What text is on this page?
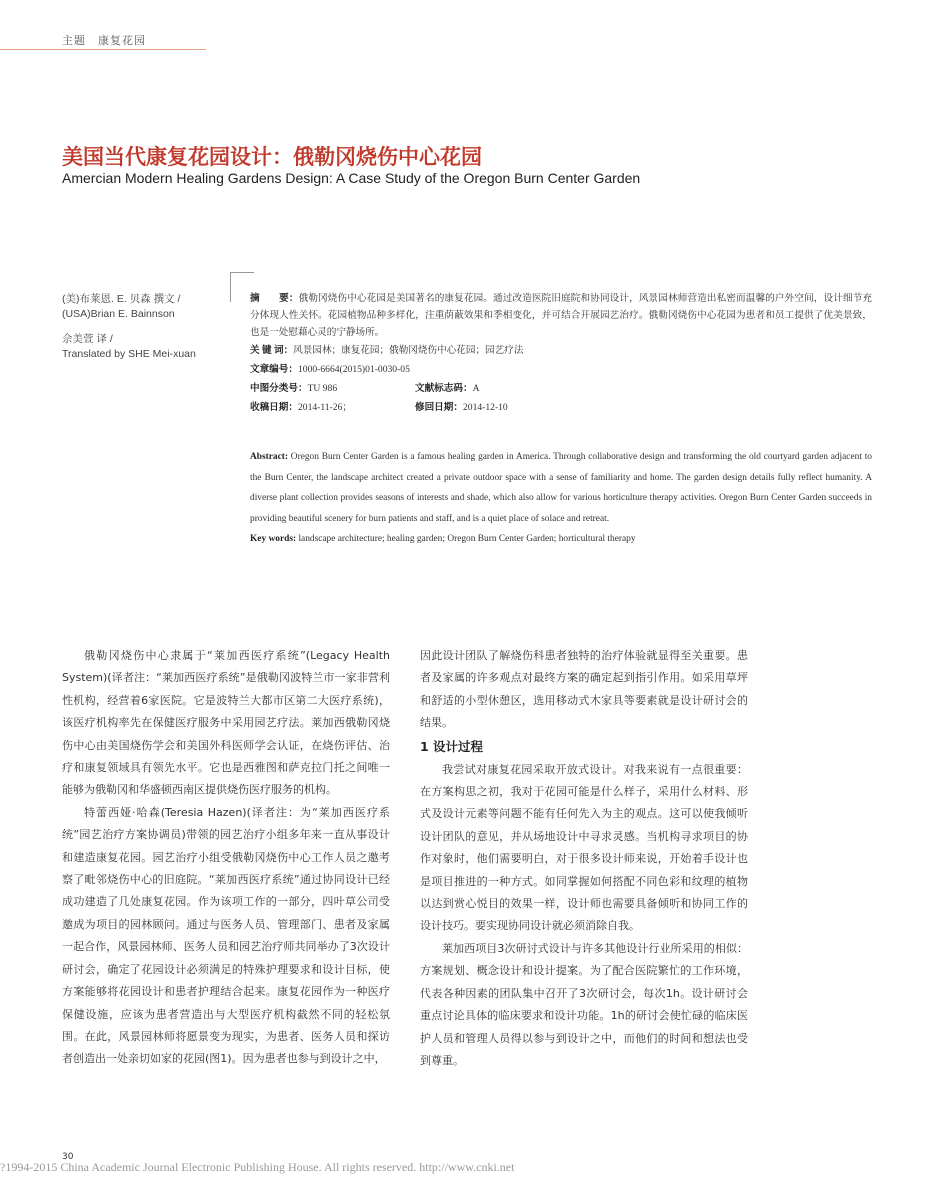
主题　康复花园
美国当代康复花园设计：俄勒冈烧伤中心花园
Amercian Modern Healing Gardens Design: A Case Study of the Oregon Burn Center Garden
(美)布莱恩. E. 贝森 撰文 /
(USA)Brian E. Bainnson
佘美萱 译 /
Translated by SHE Mei-xuan
摘　　要：俄勒冈烧伤中心花园是美国著名的康复花园。通过改造医院旧庭院和协同设计，风景园林师营造出私密而温馨的户外空间，设计细节充分体现人性关怀。花园植物品种多样化，注重荫蔽效果和季相变化，并可结合开展园艺治疗。俄勒冈烧伤中心花园为患者和员工提供了优美景致，也是一处慰藉心灵的宁静场所。
关 键 词：风景园林；康复花园；俄勒冈烧伤中心花园；园艺疗法
文章编号：1000-6664(2015)01-0030-05
中图分类号：TU 986	文献标志码：A
收稿日期：2014-11-26；	修回日期：2014-12-10
Abstract: Oregon Burn Center Garden is a famous healing garden in America. Through collaborative design and transforming the old courtyard garden adjacent to the Burn Center, the landscape architect created a private outdoor space with a sense of familiarity and home. The garden design details fully reflect humanity. A diverse plant collection provides seasons of interests and shade, which also allow for various horticulture therapy activities. Oregon Burn Center Garden succeeds in providing beautiful scenery for burn patients and staff, and is a quiet place of solace and retreat.
Key words: landscape architecture; healing garden; Oregon Burn Center Garden; horticultural therapy

俄勒冈烧伤中心隶属于“莱加西医疗系统”(Legacy Health System)(译者注：“莱加西医疗系统”是俄勒冈波特兰市一家非营利性机构，经营着6家医院。它是波特兰大都市区第二大医疗系统)，该医疗机构率先在保健医疗服务中采用园艺疗法。莱加西俄勒冈烧伤中心由美国烧伤学会和美国外科医师学会认证，在烧伤评估、治疗和康复领域具有领先水平。它也是西雅图和萨克拉门托之间唯一能够为俄勒冈和华盛顿西南区提供烧伤医疗服务的机构。

特蕾西娅·哈森(Teresia Hazen)(译者注：为“莱加西医疗系统”园艺治疗方案协调员)带领的园艺治疗小组多年来一直从事设计和建造康复花园。园艺治疗小组受俄勒冈烧伤中心工作人员之邀考察了毗邻烧伤中心的旧庭院。“莱加西医疗系统”通过协同设计已经成功建造了几处康复花园。作为该项工作的一部分，四叶草公司受邀成为项目的园林顾问。通过与医务人员、管理部门、患者及家属一起合作，风景园林师、医务人员和园艺治疗师共同举办了3次设计研讨会，确定了花园设计必须满足的特殊护理要求和设计目标，使方案能够将花园设计和患者护理结合起来。康复花园作为一种医疗保健设施，应该为患者营造出与大型医疗机构截然不同的轻松氛围。在此，风景园林师将愿景变为现实，为患者、医务人员和探访者创造出一处亲切如家的花园(图1)。因为患者也参与到设计之中，

因此设计团队了解烧伤科患者独特的治疗体验就显得至关重要。患者及家属的许多观点对最终方案的确定起到指引作用。如采用草坪和舒适的小型休憩区，选用移动式木家具等要素就是设计研讨会的结果。

1 设计过程

我尝试对康复花园采取开放式设计。对我来说有一点很重要：在方案构思之初，我对于花园可能是什么样子，采用什么材料、形式及设计元素等问题不能有任何先入为主的观点。这可以使我倾听设计团队的意见，并从场地设计中寻求灵感。当机构寻求项目的协作对象时，他们需要明白，对于很多设计师来说，开始着手设计也是项目推进的一种方式。如同掌握如何搭配不同色彩和纹理的植物以达到赏心悦目的效果一样，设计师也需要具备倾听和协同工作的设计技巧。要实现协同设计就必须消除自我。

莱加西项目3次研讨式设计与许多其他设计行业所采用的相似：方案规划、概念设计和设计提案。为了配合医院繁忙的工作环境，代表各种因素的团队集中召开了3次研讨会，每次1h。设计研讨会重点讨论具体的临床要求和设计功能。1h的研讨会使忙碌的临床医护人员和管理人员得以参与到设计之中，而他们的时间和想法也受到尊重。

30
?1994-2015 China Academic Journal Electronic Publishing House. All rights reserved. http://www.cnki.net
